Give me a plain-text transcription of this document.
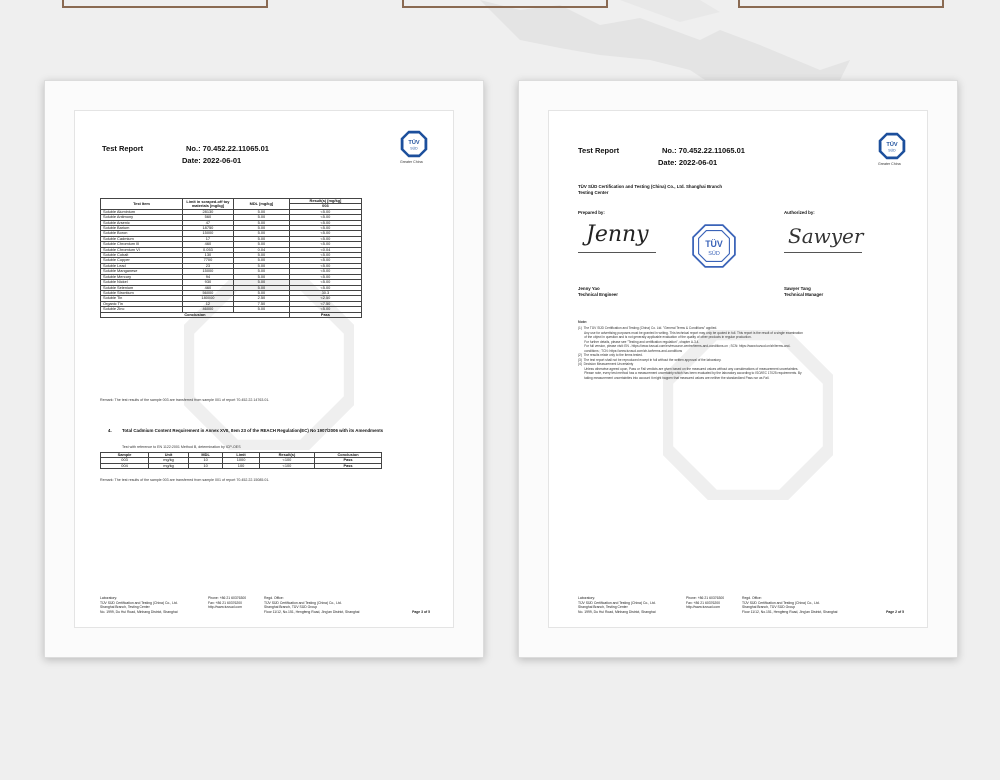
Test Report	No.: 70.452.22.11065.01
Date: 2022-06-01
TÜV
SÜD
Greater China
Test Item	Limit in scraped-off toy materials [mg/kg]	MDL [mg/kg]	Result(s) [mg/kg]
			003
Soluble Aluminium	28130	5.00	<5.00
Soluble Antimony	560	5.00	<5.00
Soluble Arsenic	47	5.00	<5.00
Soluble Barium	18750	5.00	<5.00
Soluble Boron	15000	5.00	<5.00
Soluble Cadmium	17	5.00	<5.00
Soluble Chromium III	460	5.00	<5.00
Soluble Chromium VI	0.053	0.04	<0.04
Soluble Cobalt	130	5.00	<5.00
Soluble Copper	7700	5.00	<5.00
Soluble Lead	23	5.00	<5.00
Soluble Manganese	15000	5.00	<5.00
Soluble Mercury	94	5.00	<5.00
Soluble Nickel	930	5.00	<5.00
Soluble Selenium	460	5.00	<5.00
Soluble Strontium	56000	5.00	30.3
Soluble Tin	180000	2.50	<2.50
Organic Tin	12	7.50	<7.50
Soluble Zinc	46000	5.00	<5.00
Conclusion			Pass
Remark: The test results of the sample 003 are transferred from sample 001 of report 70.452.22.14763.01.
4. Total Cadmium Content Requirement in Annex XVII, Item 23 of the REACH Regulation(EC) No 1907/2006 with its Amendments
Test with reference to EN 1122:2001 Method B, determination by ICP-OES
Sample	Unit	MDL	Limit	Result(s)	Conclusion
003	mg/kg	10	1000	<100	Pass
004	mg/kg	10	100	<100	Pass
Remark: The test results of the sample 003 are transferred from sample 001 of report 70.452.22.15085.01.
Laboratory:
TÜV SÜD Certification and Testing (China) Co., Ltd.
Shanghai Branch, Testing Center
No. 1999, Du Hui Road, Minhang District, Shanghai
Phone: +86 21 60376300
Fax: +86 21 60376200
http://www.tuvsud.com

Regd. Office:
TÜV SÜD Certification and Testing (China) Co., Ltd.
Shanghai Branch, TÜV SÜD Group
Floor 11/12, No.151, Hengfeng Road, Jing'an District, Shanghai	Page 3 of 5
Test Report	No.: 70.452.22.11065.01
Date: 2022-06-01
TÜV
SÜD
Greater China
TÜV SÜD Certification and Testing (China) Co., Ltd. Shanghai Branch
Testing Center
Prepared by:	Authorized by:
Jenny	TÜV
SÜD
Sawyer
Jenny Yao
Technical Engineer
Sawyer Tang
Technical Manager
Note:
(1)  The TÜV SÜD Certification and Testing (China) Co. Ltd. "General Terms & Conditions" applied.
Any use for advertising purposes must be granted in writing. This technical report may only be quoted in full. This report is the result of a single examination
of the object in question and is not generally applicable evaluation of the quality of other products in regular production.
For further details, please see "Testing and certification regulation", chapter A-3.4.
For full version, please visit: EN - https://www.tuvsud.com/en/resource-centre/terms-and-conditions-cn ; SCN: https://www.tuvsud.cn/zh/terms-and-
conditions ; TCN: https://www.tuvsud.com/zh-tw/terms-and-conditions
(2)  The results relate only to the items tested.
(3)  The test report shall not be reproduced except in full without the written approval of the laboratory.
(4)  Decision Measurement Uncertainty
Unless otherwise agreed upon, Pass or Fail verdicts are given based on the measured values without any considerations of measurement uncertainties.
Please note, every test method has a measurement uncertainty which has been evaluated by the laboratory according to ISO/IEC 17025 requirements. By
taking measurement uncertainties into account it might happen that measured values are neither the standardized Pass nor as Fail.
Laboratory:
TÜV SÜD Certification and Testing (China) Co., Ltd.
Shanghai Branch, Testing Center
No. 1999, Du Hui Road, Minhang District, Shanghai
Phone: +86 21 60376300
Fax: +86 21 60376200
http://www.tuvsud.com

Regd. Office:
TÜV SÜD Certification and Testing (China) Co., Ltd.
Shanghai Branch, TÜV SÜD Group
Floor 11/12, No.151, Hengfeng Road, Jing'an District, Shanghai	Page 2 of 5
